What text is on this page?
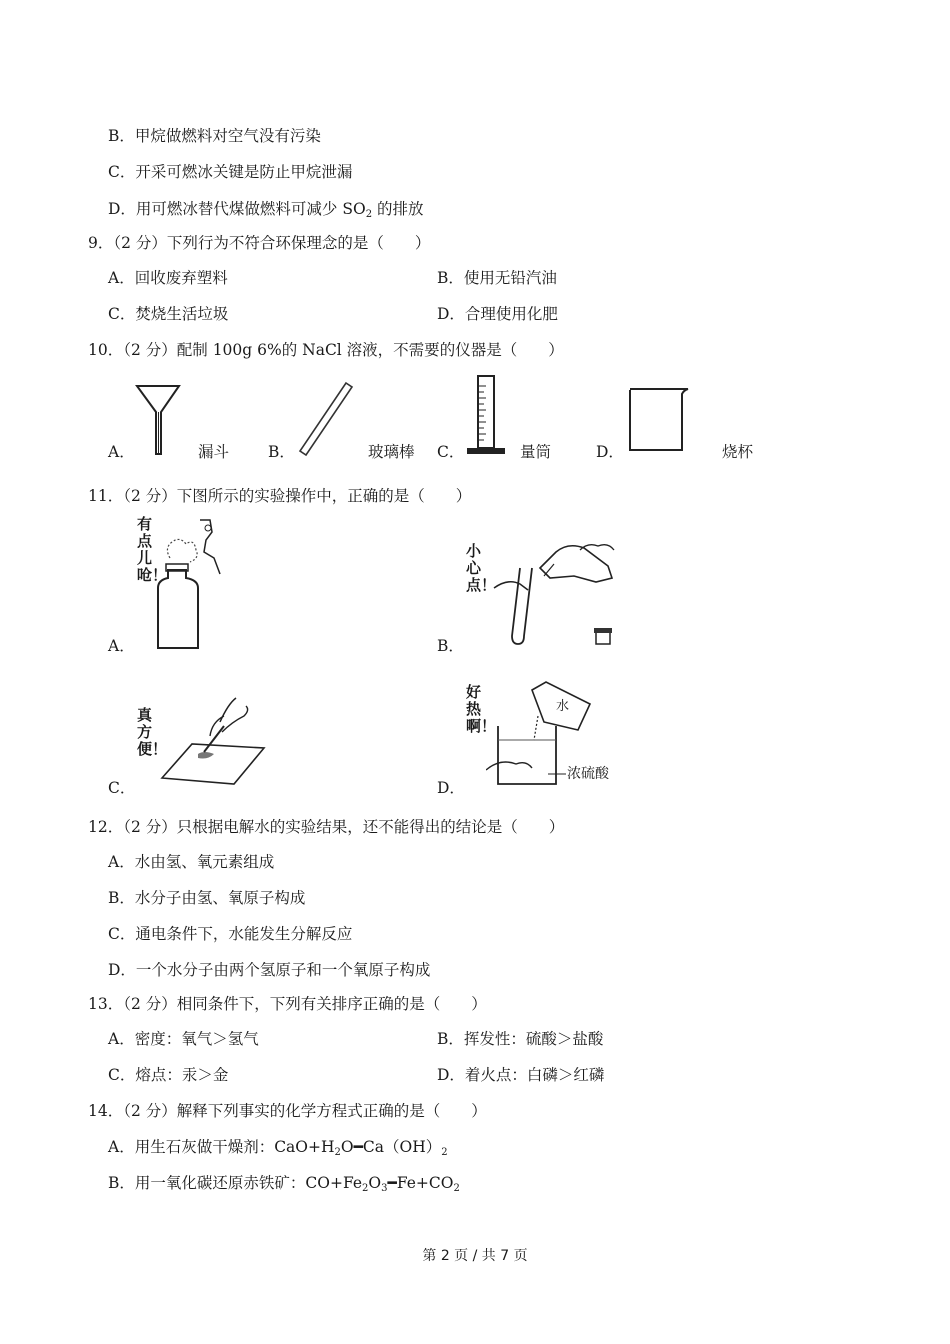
B．甲烷做燃料对空气没有污染
C．开采可燃冰关键是防止甲烷泄漏
D．用可燃冰替代煤做燃料可减少 $SO_2$ 的排放
9．（2 分）下列行为不符合环保理念的是（　　）
A．回收废弃塑料	B．使用无铅汽油
C．焚烧生活垃圾	D．合理使用化肥
10．（2 分）配制 100g 6%的 NaCl 溶液，不需要的仪器是（　　）
A．	漏斗	B．	玻璃棒 C．	量筒	D．	烧杯
11．（2 分）下图所示的实验操作中，正确的是（　　）
A．
有点儿呛！
B．
小心点！
C．
真方便！
D．
好热啊！
水
浓硫酸
12．（2 分）只根据电解水的实验结果，还不能得出的结论是（　　）
A．水由氢、氧元素组成
B．水分子由氢、氧原子构成
C．通电条件下，水能发生分解反应
D．一个水分子由两个氢原子和一个氧原子构成
13．（2 分）相同条件下，下列有关排序正确的是（　　）
A．密度：氧气＞氢气	B．挥发性：硫酸＞盐酸
C．熔点：汞＞金	D．着火点：白磷＞红磷
14．（2 分）解释下列事实的化学方程式正确的是（　　）
A．用生石灰做干燥剂：$CaO+H_2O━Ca(OH)_2$
B．用一氧化碳还原赤铁矿：$CO+Fe_2O_3━Fe+CO_2$
第 2 页 / 共 7 页
